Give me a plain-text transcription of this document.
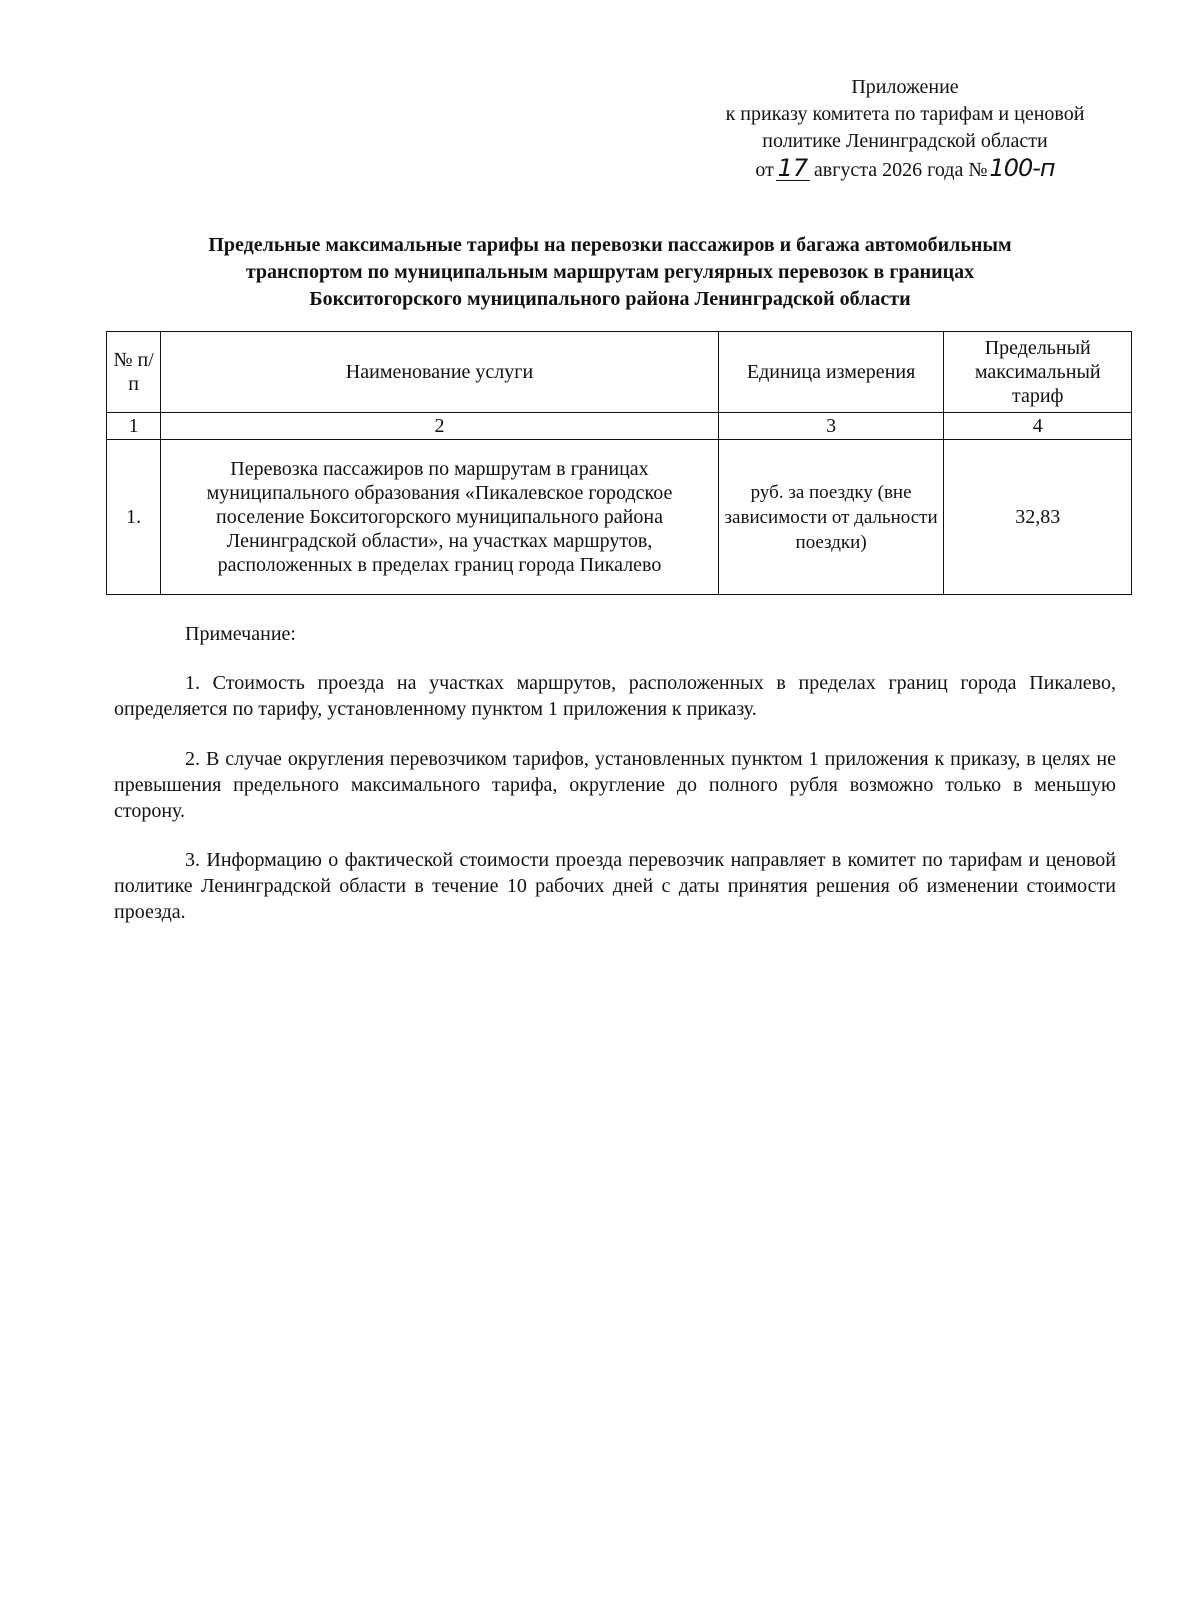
Приложение
к приказу комитета по тарифам и ценовой
политике Ленинградской области
от 17 августа 2026 года №100-п
Предельные максимальные тарифы на перевозки пассажиров и багажа автомобильным
транспортом по муниципальным маршрутам регулярных перевозок в границах
Бокситогорского муниципального района Ленинградской области
№ п/п	Наименование услуги	Единица измерения	Предельный максимальный тариф
1	2	3	4
1.	Перевозка пассажиров по маршрутам в границах муниципального образования «Пикалевское городское поселение Бокситогорского муниципального района Ленинградской области», на участках маршрутов, расположенных в пределах границ города Пикалево	руб. за поездку (вне зависимости от дальности поездки)	32,83
Примечание:
1. Стоимость проезда на участках маршрутов, расположенных в пределах границ города Пикалево, определяется по тарифу, установленному пунктом 1 приложения к приказу.
2. В случае округления перевозчиком тарифов, установленных пунктом 1 приложения к приказу, в целях не превышения предельного максимального тарифа, округление до полного рубля возможно только в меньшую сторону.
3. Информацию о фактической стоимости проезда перевозчик направляет в комитет по тарифам и ценовой политике Ленинградской области в течение 10 рабочих дней с даты принятия решения об изменении стоимости проезда.
